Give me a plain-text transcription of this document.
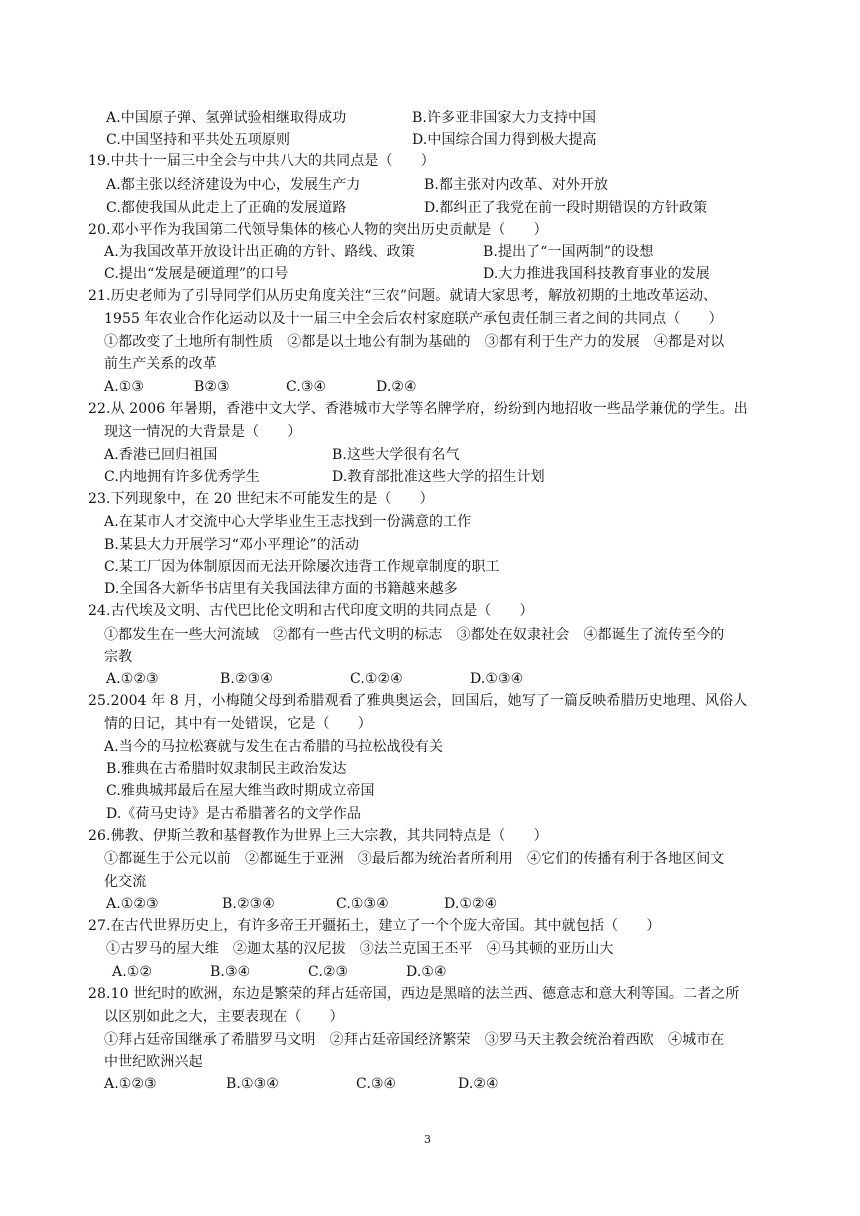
A.中国原子弹、氢弹试验相继取得成功	B.许多亚非国家大力支持中国
C.中国坚持和平共处五项原则	D.中国综合国力得到极大提高
19.中共十一届三中全会与中共八大的共同点是（　　）
A.都主张以经济建设为中心，发展生产力	B.都主张对内改革、对外开放
C.都使我国从此走上了正确的发展道路	D.都纠正了我党在前一段时期错误的方针政策
20.邓小平作为我国第二代领导集体的核心人物的突出历史贡献是（　　）
A.为我国改革开放设计出正确的方针、路线、政策	B.提出了“一国两制”的设想
C.提出“发展是硬道理”的口号	D.大力推进我国科技教育事业的发展
21.历史老师为了引导同学们从历史角度关注“三农”问题。就请大家思考，解放初期的土地改革运动、
1955 年农业合作化运动以及十一届三中全会后农村家庭联产承包责任制三者之间的共同点（　　）
①都改变了土地所有制性质　②都是以土地公有制为基础的　③都有利于生产力的发展　④都是对以
前生产关系的改革
A.①③	B②③	C.③④	D.②④
22.从 2006 年暑期，香港中文大学、香港城市大学等名牌学府，纷纷到内地招收一些品学兼优的学生。出
现这一情况的大背景是（　　）
A.香港已回归祖国	B.这些大学很有名气
C.内地拥有许多优秀学生	D.教育部批准这些大学的招生计划
23.下列现象中，在 20 世纪末不可能发生的是（　　）
A.在某市人才交流中心大学毕业生王志找到一份满意的工作
B.某县大力开展学习“邓小平理论”的活动
C.某工厂因为体制原因而无法开除屡次违背工作规章制度的职工
D.全国各大新华书店里有关我国法律方面的书籍越来越多
24.古代埃及文明、古代巴比伦文明和古代印度文明的共同点是（　　）
①都发生在一些大河流域　②都有一些古代文明的标志　③都处在奴隶社会　④都诞生了流传至今的
宗教
A.①②③	B.②③④	C.①②④	D.①③④
25.2004 年 8 月，小梅随父母到希腊观看了雅典奥运会，回国后，她写了一篇反映希腊历史地理、风俗人
情的日记，其中有一处错误，它是（　　）
A.当今的马拉松赛就与发生在古希腊的马拉松战役有关
B.雅典在古希腊时奴隶制民主政治发达
C.雅典城邦最后在屋大维当政时期成立帝国
D.《荷马史诗》是古希腊著名的文学作品
26.佛教、伊斯兰教和基督教作为世界上三大宗教，其共同特点是（　　）
①都诞生于公元以前　②都诞生于亚洲　③最后都为统治者所利用　④它们的传播有利于各地区间文
化交流
A.①②③	B.②③④	C.①③④	D.①②④
27.在古代世界历史上，有许多帝王开疆拓土，建立了一个个庞大帝国。其中就包括（　　）
①古罗马的屋大维　②迦太基的汉尼拔　③法兰克国王丕平　④马其顿的亚历山大
A.①②	B.③④	C.②③	D.①④
28.10 世纪时的欧洲，东边是繁荣的拜占廷帝国，西边是黑暗的法兰西、德意志和意大利等国。二者之所
以区别如此之大，主要表现在（　　）
①拜占廷帝国继承了希腊罗马文明　②拜占廷帝国经济繁荣　③罗马天主教会统治着西欧　④城市在
中世纪欧洲兴起
A.①②③	B.①③④	C.③④	D.②④
3
